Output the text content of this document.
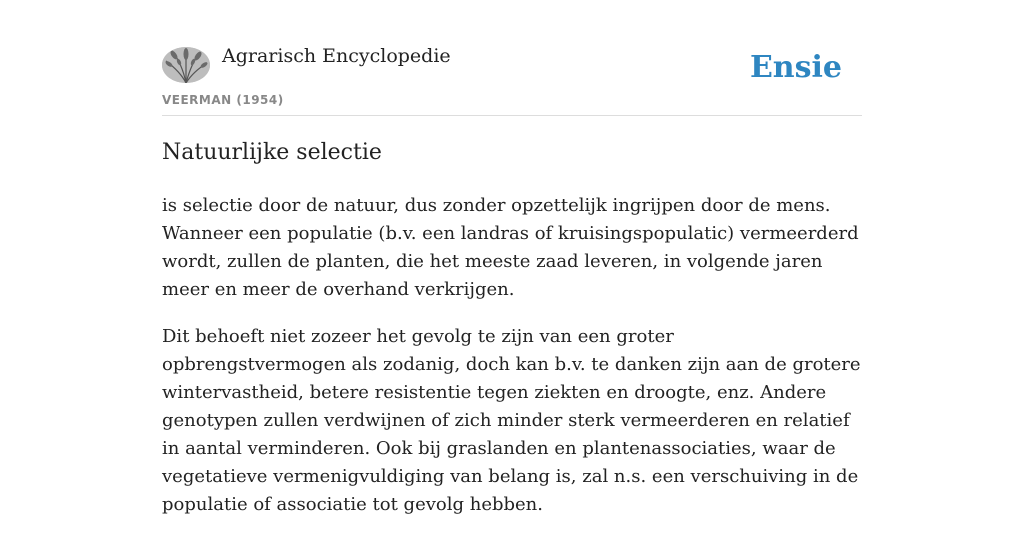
Agrarisch Encyclopedie
VEERMAN (1954)
Ensie
Natuurlijke selectie

is selectie door de natuur, dus zonder opzettelijk ingrijpen door de mens. Wanneer een populatie (b.v. een landras of kruisingspopulatic) vermeerderd wordt, zullen de planten, die het meeste zaad leveren, in volgende jaren meer en meer de overhand verkrijgen.

Dit behoeft niet zozeer het gevolg te zijn van een groter opbrengstvermogen als zodanig, doch kan b.v. te danken zijn aan de grotere wintervastheid, betere resistentie tegen ziekten en droogte, enz. Andere genotypen zullen verdwijnen of zich minder sterk vermeerderen en relatief in aantal verminderen. Ook bij graslanden en plantenassociaties, waar de vegetatieve vermenigvuldiging van belang is, zal n.s. een verschuiving in de populatie of associatie tot gevolg hebben.
